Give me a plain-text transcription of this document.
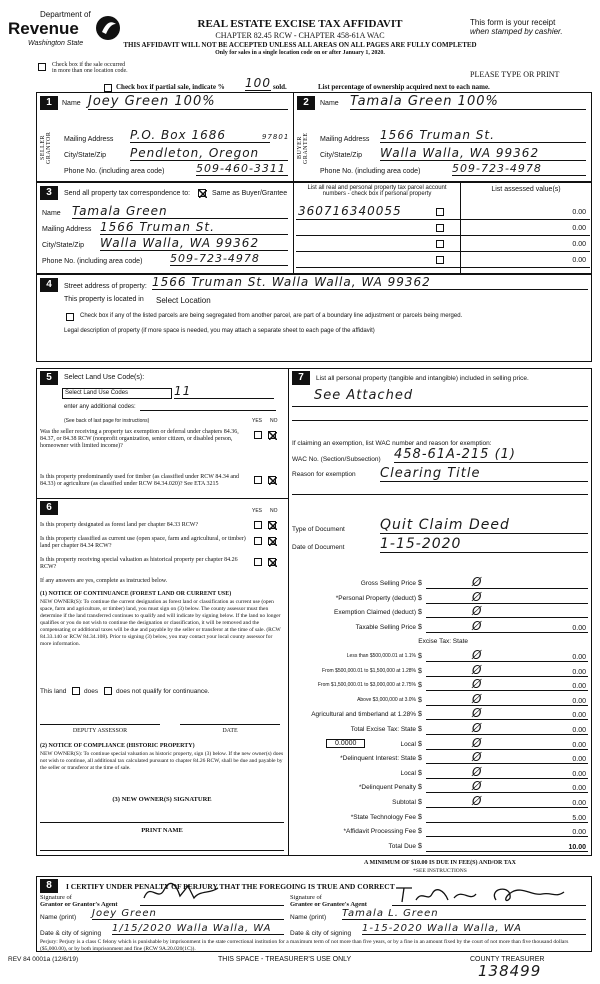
Department of
Revenue
Washington State
REAL ESTATE EXCISE TAX AFFIDAVIT
CHAPTER 82.45 RCW - CHAPTER 458-61A WAC
THIS AFFIDAVIT WILL NOT BE ACCEPTED UNLESS ALL AREAS ON ALL PAGES ARE FULLY COMPLETED
Only for sales in a single location code on or after January 1, 2020.
This form is your receipt
when stamped by cashier.
PLEASE TYPE OR PRINT
Check box if the sale occurred
in more than one location code.
Check box if partial sale, indicate % 100 sold.	List percentage of ownership acquired next to each name.
1	Name Joey Green 100%
SELLER GRANTOR Mailing Address P.O. Box 1686	97801
City/State/Zip Pendleton, Oregon
Phone No. (including area code)	509-460-3311
2	Name Tamala Green 100%
BUYER GRANTEE Mailing Address 1566 Truman St.
City/State/Zip Walla Walla, WA 99362
Phone No. (including area code)	509-723-4978
3	Send all property tax correspondence to:	Same as Buyer/Grantee
Name Tamala Green
Mailing Address 1566 Truman St.
City/State/Zip Walla Walla, WA 99362
Phone No. (including area code)	509-723-4978
List all real and personal property tax parcel account numbers - check box if personal property
List assessed value(s)
360716340055	0.00
0.00
0.00
0.00
4	Street address of property: 1566 Truman St. Walla Walla, WA 99362
This property is located in Select Location
Check box if any of the listed parcels are being segregated from another parcel, are part of a boundary line adjustment or parcels being merged.
Legal description of property (if more space is needed, you may attach a separate sheet to each page of the affidavit)
5	Select Land Use Code(s):
Select Land Use Codes	11
enter any additional codes:
(See back of last page for instructions)	YES NO
Was the seller receiving a property tax exemption or deferral under chapters 84.36, 84.37, or 84.38 RCW (nonprofit organization, senior citizen, or disabled person, homeowner with limited income)?
Is this property predominantly used for timber (as classified under RCW 84.34 and 84.33) or agriculture (as classified under RCW 84.34.020)? See ETA 3215
6	YES NO
Is this property designated as forest land per chapter 84.33 RCW?
Is this property classified as current use (open space, farm and agricultural, or timber) land per chapter 84.34 RCW?
Is this property receiving special valuation as historical property per chapter 84.26 RCW?
If any answers are yes, complete as instructed below.
(1) NOTICE OF CONTINUANCE (FOREST LAND OR CURRENT USE)
NEW OWNER(S): To continue the current designation as forest land or classification as current use (open space, farm and agriculture, or timber) land, you must sign on (3) below. The county assessor must then determine if the land transferred continues to qualify and will indicate by signing below. If the land no longer qualifies or you do not wish to continue the designation or classification, it will be removed and the compensating or additional taxes will be due and payable by the seller or transferor at the time of sale. (RCW 84.33.140 or RCW 84.34.108). Prior to signing (3) below, you may contact your local county assessor for more information.
This land	does	does not qualify for continuance.
DEPUTY ASSESSOR	DATE
(2) NOTICE OF COMPLIANCE (HISTORIC PROPERTY)
NEW OWNER(S): To continue special valuation as historic property, sign (3) below. If the new owner(s) does not wish to continue, all additional tax calculated pursuant to chapter 84.26 RCW, shall be due and payable by the seller or transferor at the time of sale.
(3) NEW OWNER(S) SIGNATURE
PRINT NAME
7	List all personal property (tangible and intangible) included in selling price.
See Attached
If claiming an exemption, list WAC number and reason for exemption:
WAC No. (Section/Subsection) 458-61A-215 (1)
Reason for exemption Clearing Title
Type of Document	Quit Claim Deed
Date of Document	1-15-2020
Gross Selling Price $	Ø
*Personal Property (deduct) $	Ø
Exemption Claimed (deduct) $	Ø
Taxable Selling Price $	Ø	0.00
Excise Tax: State
Less than $500,000.01 at 1.1% $	Ø	0.00
From $500,000.01 to $1,500,000 at 1.28% $	Ø	0.00
From $1,500,000.01 to $3,000,000 at 2.75% $	Ø	0.00
Above $3,000,000 at 3.0% $	Ø	0.00
Agricultural and timberland at 1.28% $	Ø	0.00
Total Excise Tax: State $	Ø	0.00
0.0000	Local $	Ø	0.00
*Delinquent Interest: State $	Ø	0.00
Local $	Ø	0.00
*Delinquent Penalty $	Ø	0.00
Subtotal $	Ø	0.00
*State Technology Fee $	5.00
*Affidavit Processing Fee $	0.00
Total Due $	10.00
A MINIMUM OF $10.00 IS DUE IN FEE(S) AND/OR TAX
*SEE INSTRUCTIONS
8	I CERTIFY UNDER PENALTY OF PERJURY THAT THE FOREGOING IS TRUE AND CORRECT
Signature of
Grantor or Grantor's Agent
Name (print) Joey Green
Date & city of signing 1/15/2020 Walla Walla, WA
Signature of
Grantee or Grantee's Agent
Name (print) Tamala L. Green
Date & city of signing 1-15-2020 Walla Walla, WA
Perjury: Perjury is a class C felony which is punishable by imprisonment in the state correctional institution for a maximum term of not more than five years, or by a fine in an amount fixed by the court of not more than five thousand dollars ($5,000.00), or by both imprisonment and fine (RCW 9A.20.020(1C)).
REV 84 0001a (12/6/19)	THIS SPACE - TREASURER'S USE ONLY	COUNTY TREASURER
138499
